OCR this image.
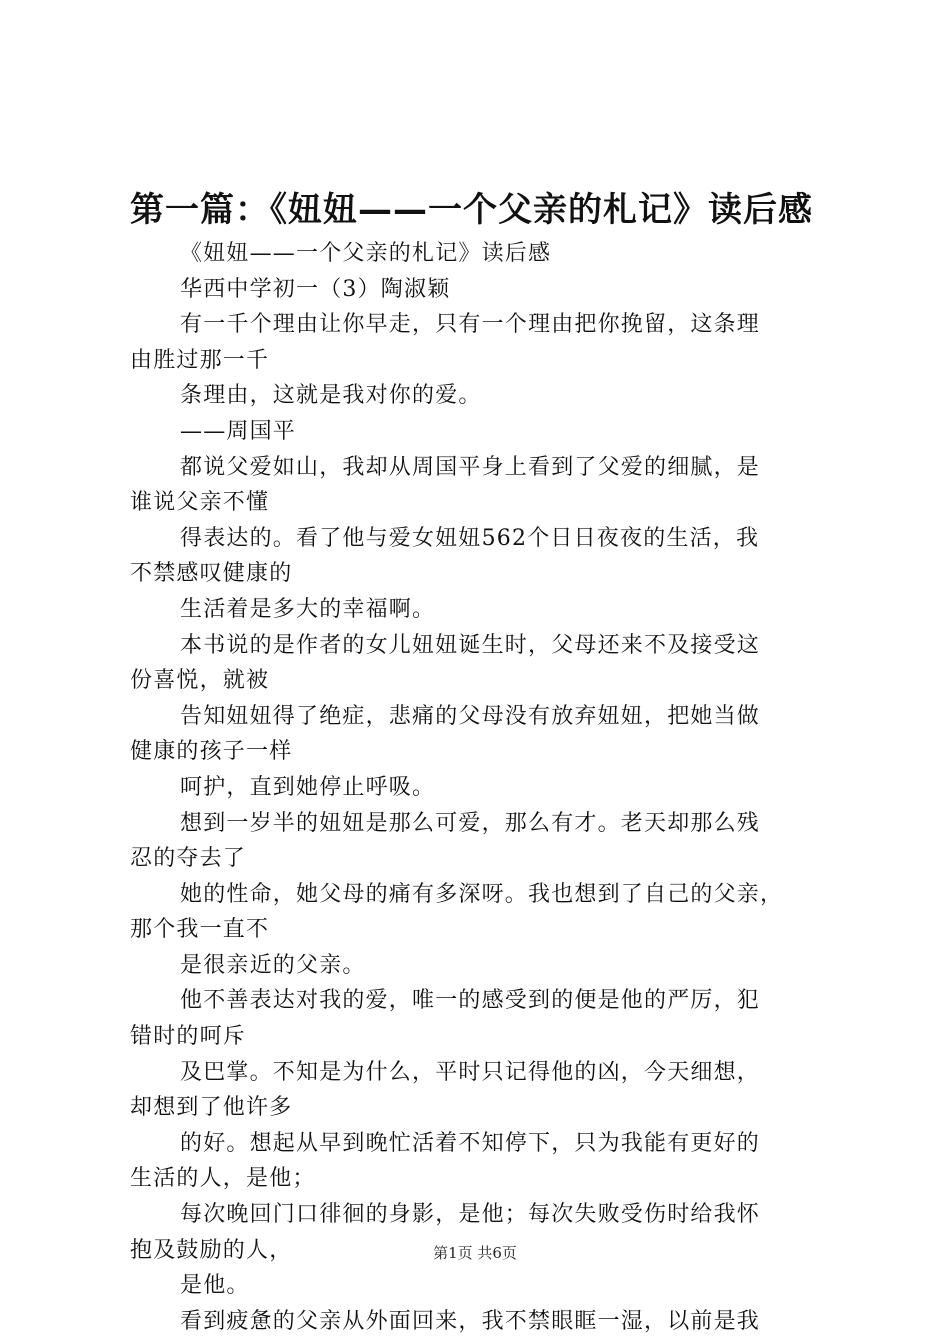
第一篇：《妞妞——一个父亲的札记》读后感
《妞妞——一个父亲的札记》读后感
华西中学初一（3）陶淑颖
有一千个理由让你早走，只有一个理由把你挽留，这条理
由胜过那一千
条理由，这就是我对你的爱。
——周国平
都说父爱如山，我却从周国平身上看到了父爱的细腻，是
谁说父亲不懂
得表达的。看了他与爱女妞妞562个日日夜夜的生活，我
不禁感叹健康的
生活着是多大的幸福啊。
本书说的是作者的女儿妞妞诞生时，父母还来不及接受这
份喜悦，就被
告知妞妞得了绝症，悲痛的父母没有放弃妞妞，把她当做
健康的孩子一样
呵护，直到她停止呼吸。
想到一岁半的妞妞是那么可爱，那么有才。老天却那么残
忍的夺去了
她的性命，她父母的痛有多深呀。我也想到了自己的父亲，
那个我一直不
是很亲近的父亲。
他不善表达对我的爱，唯一的感受到的便是他的严厉，犯
错时的呵斥
及巴掌。不知是为什么，平时只记得他的凶，今天细想，
却想到了他许多
的好。想起从早到晚忙活着不知停下，只为我能有更好的
生活的人，是他；
每次晚回门口徘徊的身影，是他；每次失败受伤时给我怀
抱及鼓励的人，
是他。
看到疲惫的父亲从外面回来，我不禁眼眶一湿，以前是我
第1页 共6页
